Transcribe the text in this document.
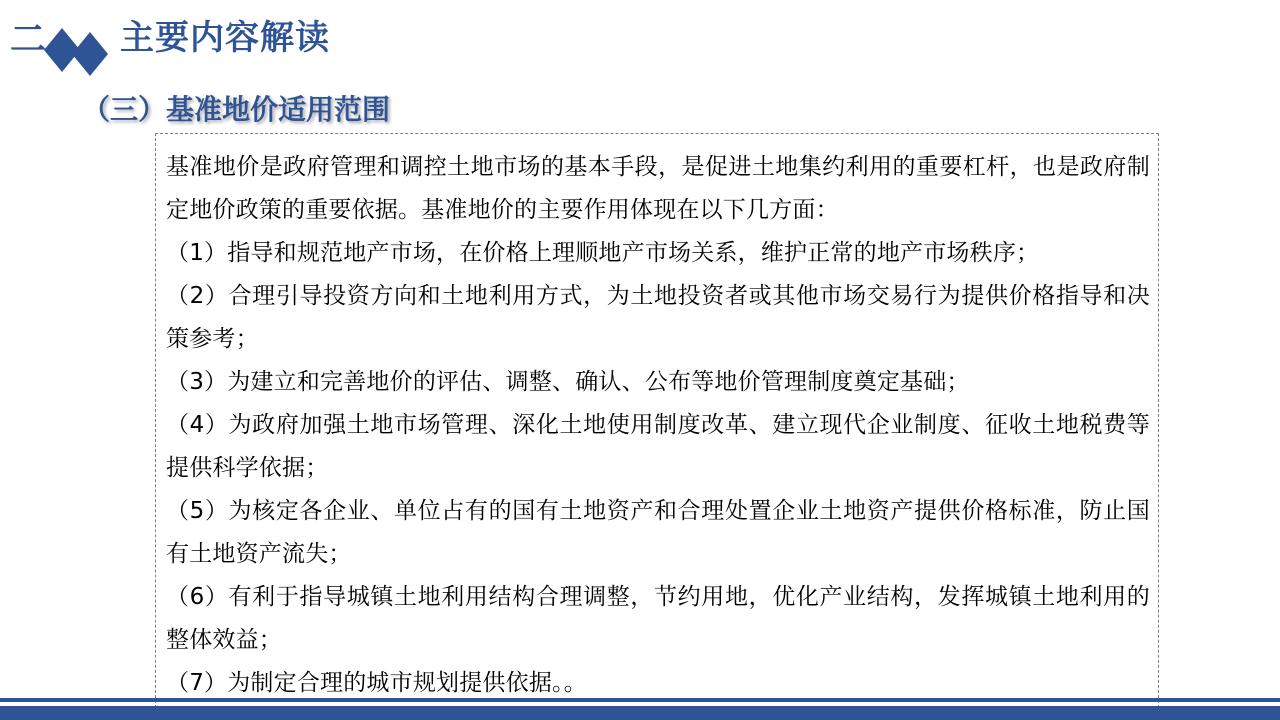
二 主要内容解读
（三）基准地价适用范围

基准地价是政府管理和调控土地市场的基本手段，是促进土地集约利用的重要杠杆，也是政府制定地价政策的重要依据。基准地价的主要作用体现在以下几方面：

（1）指导和规范地产市场，在价格上理顺地产市场关系，维护正常的地产市场秩序；

（2）合理引导投资方向和土地利用方式，为土地投资者或其他市场交易行为提供价格指导和决策参考；

（3）为建立和完善地价的评估、调整、确认、公布等地价管理制度奠定基础；

（4）为政府加强土地市场管理、深化土地使用制度改革、建立现代企业制度、征收土地税费等提供科学依据；

（5）为核定各企业、单位占有的国有土地资产和合理处置企业土地资产提供价格标准，防止国有土地资产流失；

（6）有利于指导城镇土地利用结构合理调整，节约用地，优化产业结构，发挥城镇土地利用的整体效益；

（7）为制定合理的城市规划提供依据。。
